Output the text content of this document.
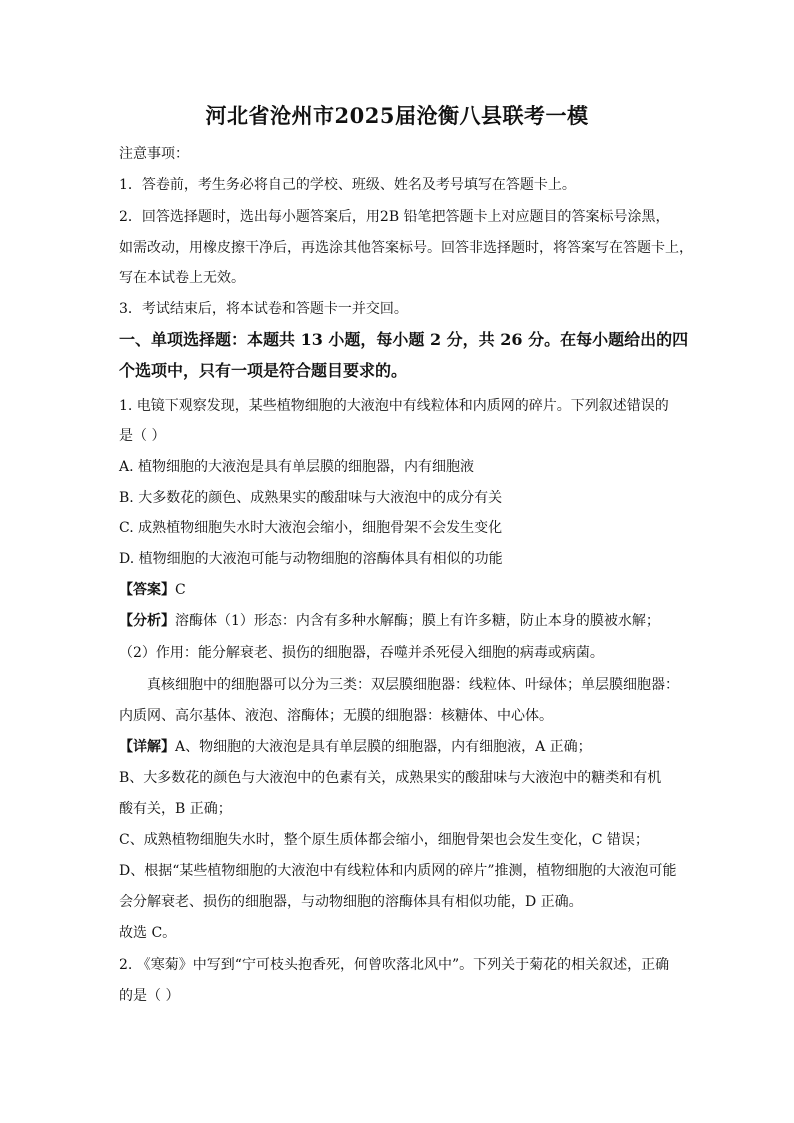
河北省沧州市2025届沧衡八县联考一模
注意事项：
1．答卷前，考生务必将自己的学校、班级、姓名及考号填写在答题卡上。
2．回答选择题时，选出每小题答案后，用2B 铅笔把答题卡上对应题目的答案标号涂黑，
如需改动，用橡皮擦干净后，再选涂其他答案标号。回答非选择题时，将答案写在答题卡上，
写在本试卷上无效。
3．考试结束后，将本试卷和答题卡一并交回。
一、单项选择题：本题共 13 小题，每小题 2 分，共 26 分。在每小题给出的四
个选项中，只有一项是符合题目要求的。
1. 电镜下观察发现，某些植物细胞的大液泡中有线粒体和内质网的碎片。下列叙述错误的
是（ ）
A. 植物细胞的大液泡是具有单层膜的细胞器，内有细胞液
B. 大多数花的颜色、成熟果实的酸甜味与大液泡中的成分有关
C. 成熟植物细胞失水时大液泡会缩小，细胞骨架不会发生变化
D. 植物细胞的大液泡可能与动物细胞的溶酶体具有相似的功能
【答案】C
【分析】溶酶体（1）形态：内含有多种水解酶；膜上有许多糖，防止本身的膜被水解；
（2）作用：能分解衰老、损伤的细胞器，吞噬并杀死侵入细胞的病毒或病菌。
真核细胞中的细胞器可以分为三类：双层膜细胞器：线粒体、叶绿体；单层膜细胞器：
内质网、高尔基体、液泡、溶酶体；无膜的细胞器：核糖体、中心体。
【详解】A、物细胞的大液泡是具有单层膜的细胞器，内有细胞液，A 正确；
B、大多数花的颜色与大液泡中的色素有关，成熟果实的酸甜味与大液泡中的糖类和有机
酸有关，B 正确；
C、成熟植物细胞失水时，整个原生质体都会缩小，细胞骨架也会发生变化，C 错误；
D、根据“某些植物细胞的大液泡中有线粒体和内质网的碎片”推测，植物细胞的大液泡可能
会分解衰老、损伤的细胞器，与动物细胞的溶酶体具有相似功能，D 正确。
故选 C。
2. 《寒菊》中写到“宁可枝头抱香死，何曾吹落北风中”。下列关于菊花的相关叙述，正确
的是（ ）
